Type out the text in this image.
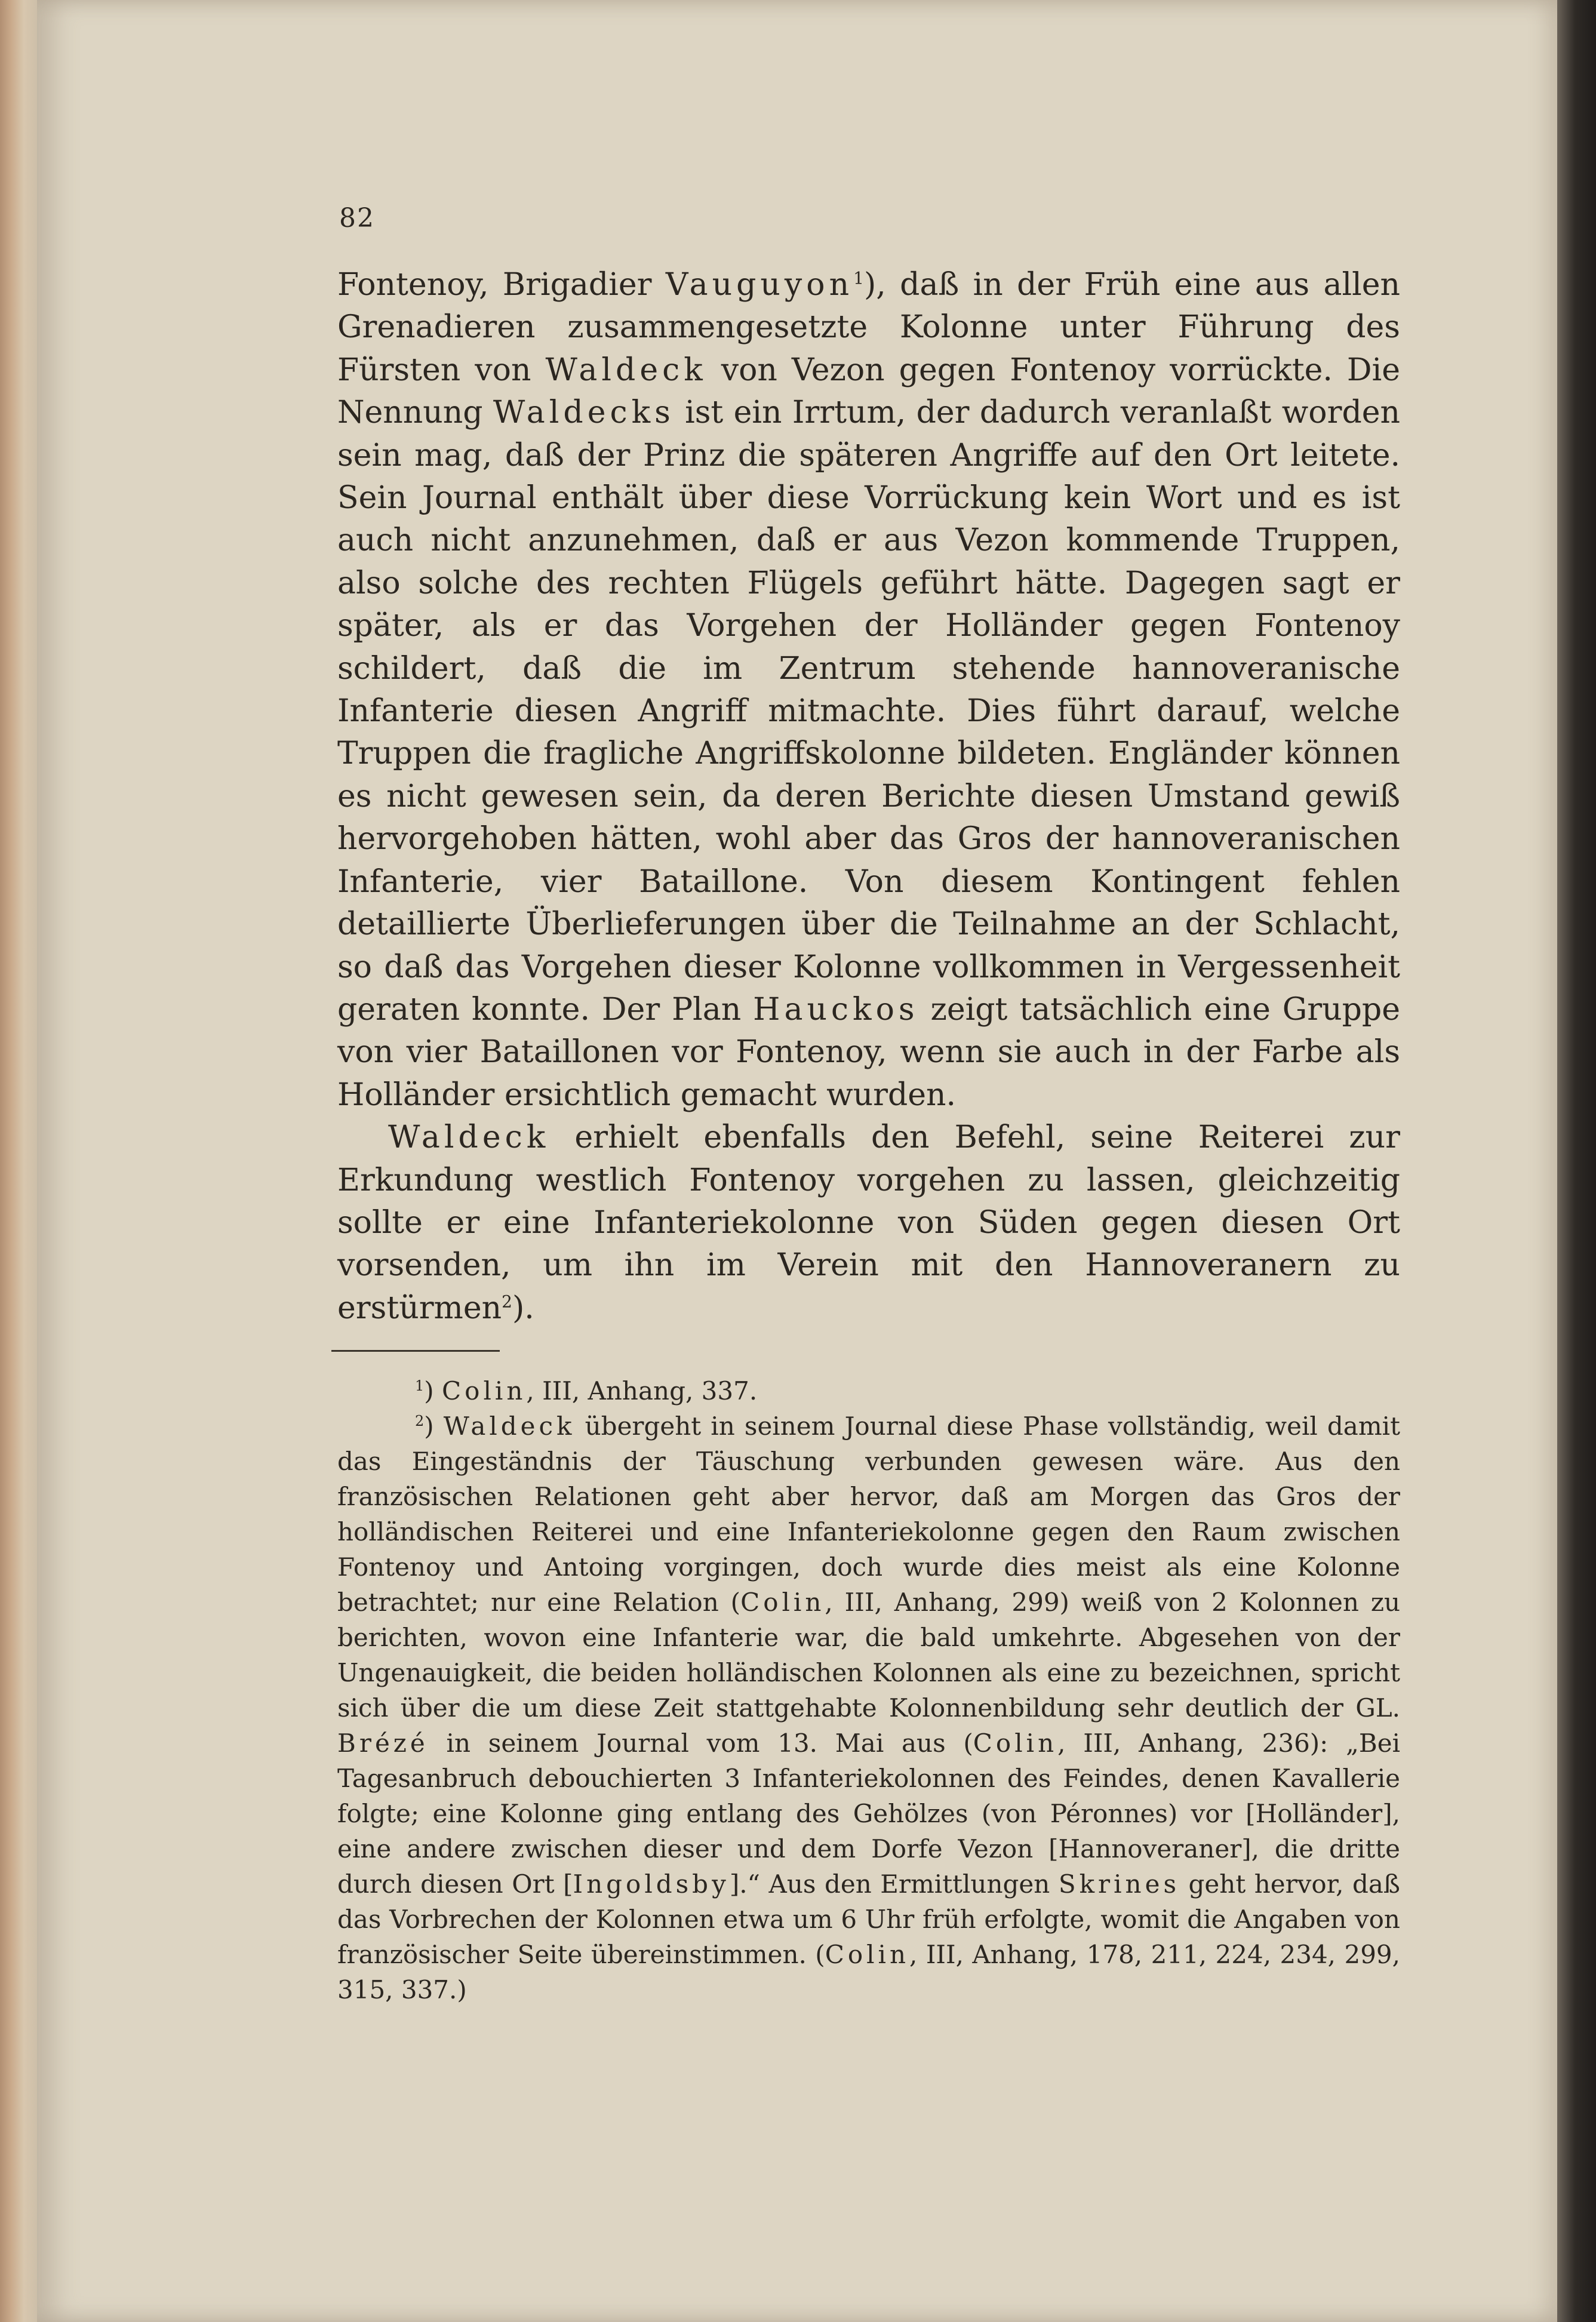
82

Fontenoy, Brigadier Vauguyon$^1$), daß in der Früh eine aus allen Grenadieren zusammengesetzte Kolonne unter Führung des Fürsten von Waldeck von Vezon gegen Fontenoy vorrückte. Die Nennung Waldecks ist ein Irrtum, der dadurch veranlaßt worden sein mag, daß der Prinz die späteren Angriffe auf den Ort leitete. Sein Journal enthält über diese Vorrückung kein Wort und es ist auch nicht anzunehmen, daß er aus Vezon kommende Truppen, also solche des rechten Flügels geführt hätte. Dagegen sagt er später, als er das Vorgehen der Holländer gegen Fontenoy schildert, daß die im Zentrum stehende hannoveranische Infanterie diesen Angriff mitmachte. Dies führt darauf, welche Truppen die fragliche Angriffskolonne bildeten. Engländer können es nicht gewesen sein, da deren Berichte diesen Umstand gewiß hervorgehoben hätten, wohl aber das Gros der hannoveranischen Infanterie, vier Bataillone. Von diesem Kontingent fehlen detaillierte Überlieferungen über die Teilnahme an der Schlacht, so daß das Vorgehen dieser Kolonne vollkommen in Vergessenheit geraten konnte. Der Plan Hauckos zeigt tatsächlich eine Gruppe von vier Bataillonen vor Fontenoy, wenn sie auch in der Farbe als Holländer ersichtlich gemacht wurden.

Waldeck erhielt ebenfalls den Befehl, seine Reiterei zur Erkundung westlich Fontenoy vorgehen zu lassen, gleichzeitig sollte er eine Infanteriekolonne von Süden gegen diesen Ort vorsenden, um ihn im Verein mit den Hannoveranern zu erstürmen$^2$).

$^1$) Colin, III, Anhang, 337.

$^2$) Waldeck übergeht in seinem Journal diese Phase vollständig, weil damit das Eingeständnis der Täuschung verbunden gewesen wäre. Aus den französischen Relationen geht aber hervor, daß am Morgen das Gros der holländischen Reiterei und eine Infanteriekolonne gegen den Raum zwischen Fontenoy und Antoing vorgingen, doch wurde dies meist als eine Kolonne betrachtet; nur eine Relation (Colin, III, Anhang, 299) weiß von 2 Kolonnen zu berichten, wovon eine Infanterie war, die bald umkehrte. Abgesehen von der Ungenauigkeit, die beiden holländischen Kolonnen als eine zu bezeichnen, spricht sich über die um diese Zeit stattgehabte Kolonnenbildung sehr deutlich der GL. Brézé in seinem Journal vom 13. Mai aus (Colin, III, Anhang, 236): „Bei Tagesanbruch debouchierten 3 Infanteriekolonnen des Feindes, denen Kavallerie folgte; eine Kolonne ging entlang des Gehölzes (von Péronnes) vor [Holländer], eine andere zwischen dieser und dem Dorfe Vezon [Hannoveraner], die dritte durch diesen Ort [Ingoldsby].“ Aus den Ermittlungen Skrines geht hervor, daß das Vorbrechen der Kolonnen etwa um 6 Uhr früh erfolgte, womit die Angaben von französischer Seite übereinstimmen. (Colin, III, Anhang, 178, 211, 224, 234, 299, 315, 337.)
